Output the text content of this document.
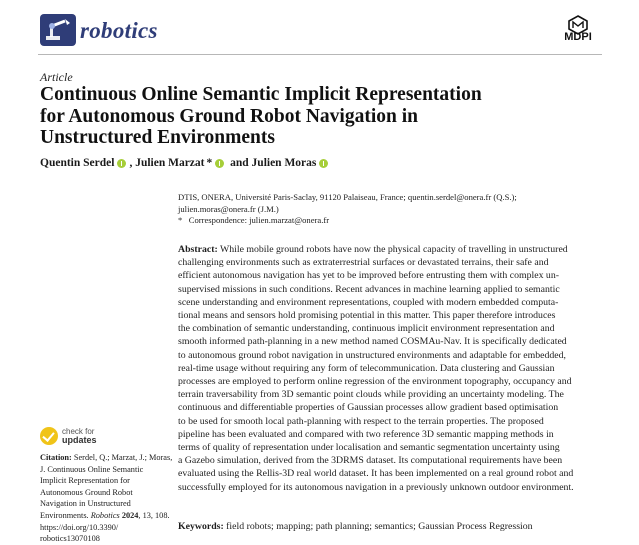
robotics	MDPI
Article
Continuous Online Semantic Implicit Representation
for Autonomous Ground Robot Navigation in
Unstructured Environments
Quentin Serdel , Julien Marzat * and Julien Moras
DTIS, ONERA, Université Paris-Saclay, 91120 Palaiseau, France; quentin.serdel@onera.fr (Q.S.);
julien.moras@onera.fr (J.M.)
*   Correspondence: julien.marzat@onera.fr
Abstract: While mobile ground robots have now the physical capacity of travelling in unstructured
challenging environments such as extraterrestrial surfaces or devastated terrains, their safe and
efficient autonomous navigation has yet to be improved before entrusting them with complex un-
supervised missions in such conditions. Recent advances in machine learning applied to semantic
scene understanding and environment representations, coupled with modern embedded computa-
tional means and sensors hold promising potential in this matter. This paper therefore introduces
the combination of semantic understanding, continuous implicit environment representation and
smooth informed path-planning in a new method named COSMAu-Nav. It is specifically dedicated
to autonomous ground robot navigation in unstructured environments and adaptable for embedded,
real-time usage without requiring any form of telecommunication. Data clustering and Gaussian
processes are employed to perform online regression of the environment topography, occupancy and
terrain traversability from 3D semantic point clouds while providing an uncertainty modeling. The
continuous and differentiable properties of Gaussian processes allow gradient based optimisation
to be used for smooth local path-planning with respect to the terrain properties. The proposed
pipeline has been evaluated and compared with two reference 3D semantic mapping methods in
terms of quality of representation under localisation and semantic segmentation uncertainty using
a Gazebo simulation, derived from the 3DRMS dataset. Its computational requirements have been
evaluated using the Rellis-3D real world dataset. It has been implemented on a real ground robot and
successfully employed for its autonomous navigation in a previously unknown outdoor environment.
Keywords: field robots; mapping; path planning; semantics; Gaussian Process Regression
check for
updates
Citation: Serdel, Q.; Marzat, J.; Moras,
J. Continuous Online Semantic
Implicit Representation for
Autonomous Ground Robot
Navigation in Unstructured
Environments. Robotics 2024, 13, 108.
https://doi.org/10.3390/
robotics13070108
